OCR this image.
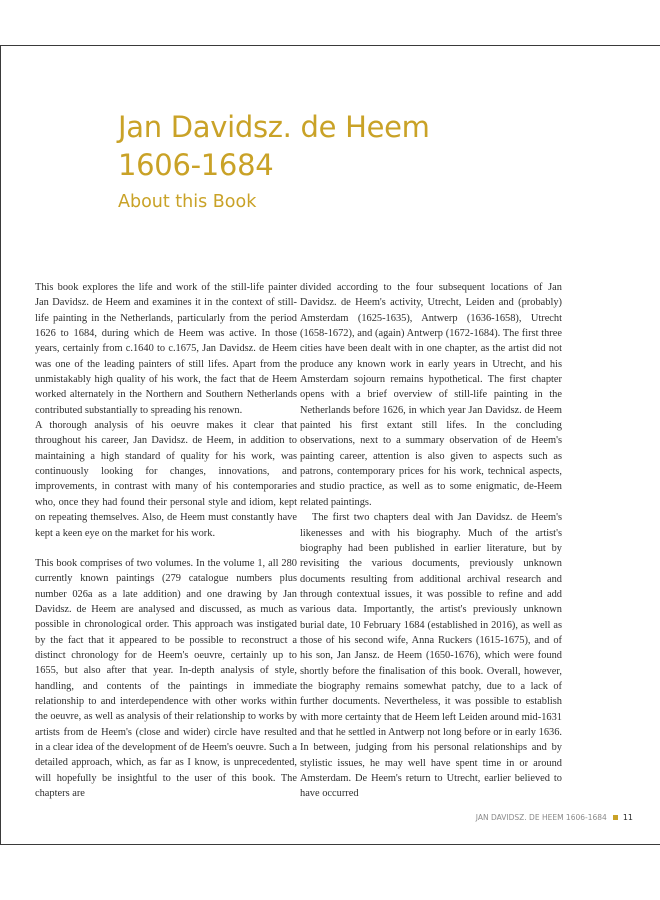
Jan Davidsz. de Heem
1606-1684
About this Book

This book explores the life and work of the still-life painter Jan Davidsz. de Heem and examines it in the context of still-life painting in the Netherlands, particularly from the period 1626 to 1684, during which de Heem was active. In those years, certainly from c.1640 to c.1675, Jan Davidsz. de Heem was one of the leading painters of still lifes. Apart from the unmistakably high quality of his work, the fact that de Heem worked alternately in the Northern and Southern Netherlands contributed substantially to spreading his renown.

A thorough analysis of his oeuvre makes it clear that throughout his career, Jan Davidsz. de Heem, in addition to maintaining a high standard of quality for his work, was continuously looking for changes, innovations, and improvements, in contrast with many of his contemporaries who, once they had found their personal style and idiom, kept on repeating themselves. Also, de Heem must constantly have kept a keen eye on the market for his work.

This book comprises of two volumes. In the volume 1, all 280 currently known paintings (279 catalogue numbers plus number 026a as a late addition) and one drawing by Jan Davidsz. de Heem are analysed and discussed, as much as possible in chronological order. This approach was instigated by the fact that it appeared to be possible to reconstruct a distinct chronology for de Heem's oeuvre, certainly up to 1655, but also after that year. In-depth analysis of style, handling, and contents of the paintings in immediate relationship to and interdependence with other works within the oeuvre, as well as analysis of their relationship to works by artists from de Heem's (close and wider) circle have resulted in a clear idea of the development of de Heem's oeuvre. Such a detailed approach, which, as far as I know, is unprecedented, will hopefully be insightful to the user of this book. The chapters are

divided according to the four subsequent locations of Jan Davidsz. de Heem's activity, Utrecht, Leiden and (probably) Amsterdam (1625-1635), Antwerp (1636-1658), Utrecht (1658-1672), and (again) Antwerp (1672-1684). The first three cities have been dealt with in one chapter, as the artist did not produce any known work in early years in Utrecht, and his Amsterdam sojourn remains hypothetical. The first chapter opens with a brief overview of still-life painting in the Netherlands before 1626, in which year Jan Davidsz. de Heem painted his first extant still lifes. In the concluding observations, next to a summary observation of de Heem's painting career, attention is also given to aspects such as patrons, contemporary prices for his work, technical aspects, and studio practice, as well as to some enigmatic, de-Heem related paintings.

The first two chapters deal with Jan Davidsz. de Heem's likenesses and with his biography. Much of the artist's biography had been published in earlier literature, but by revisiting the various documents, previously unknown documents resulting from additional archival research and through contextual issues, it was possible to refine and add various data. Importantly, the artist's previously unknown burial date, 10 February 1684 (established in 2016), as well as those of his second wife, Anna Ruckers (1615-1675), and of his son, Jan Jansz. de Heem (1650-1676), which were found shortly before the finalisation of this book. Overall, however, the biography remains somewhat patchy, due to a lack of further documents. Nevertheless, it was possible to establish with more certainty that de Heem left Leiden around mid-1631 and that he settled in Antwerp not long before or in early 1636. In between, judging from his personal relationships and by stylistic issues, he may well have spent time in or around Amsterdam. De Heem's return to Utrecht, earlier believed to have occurred

JAN DAVIDSZ. DE HEEM 1606-1684 11
